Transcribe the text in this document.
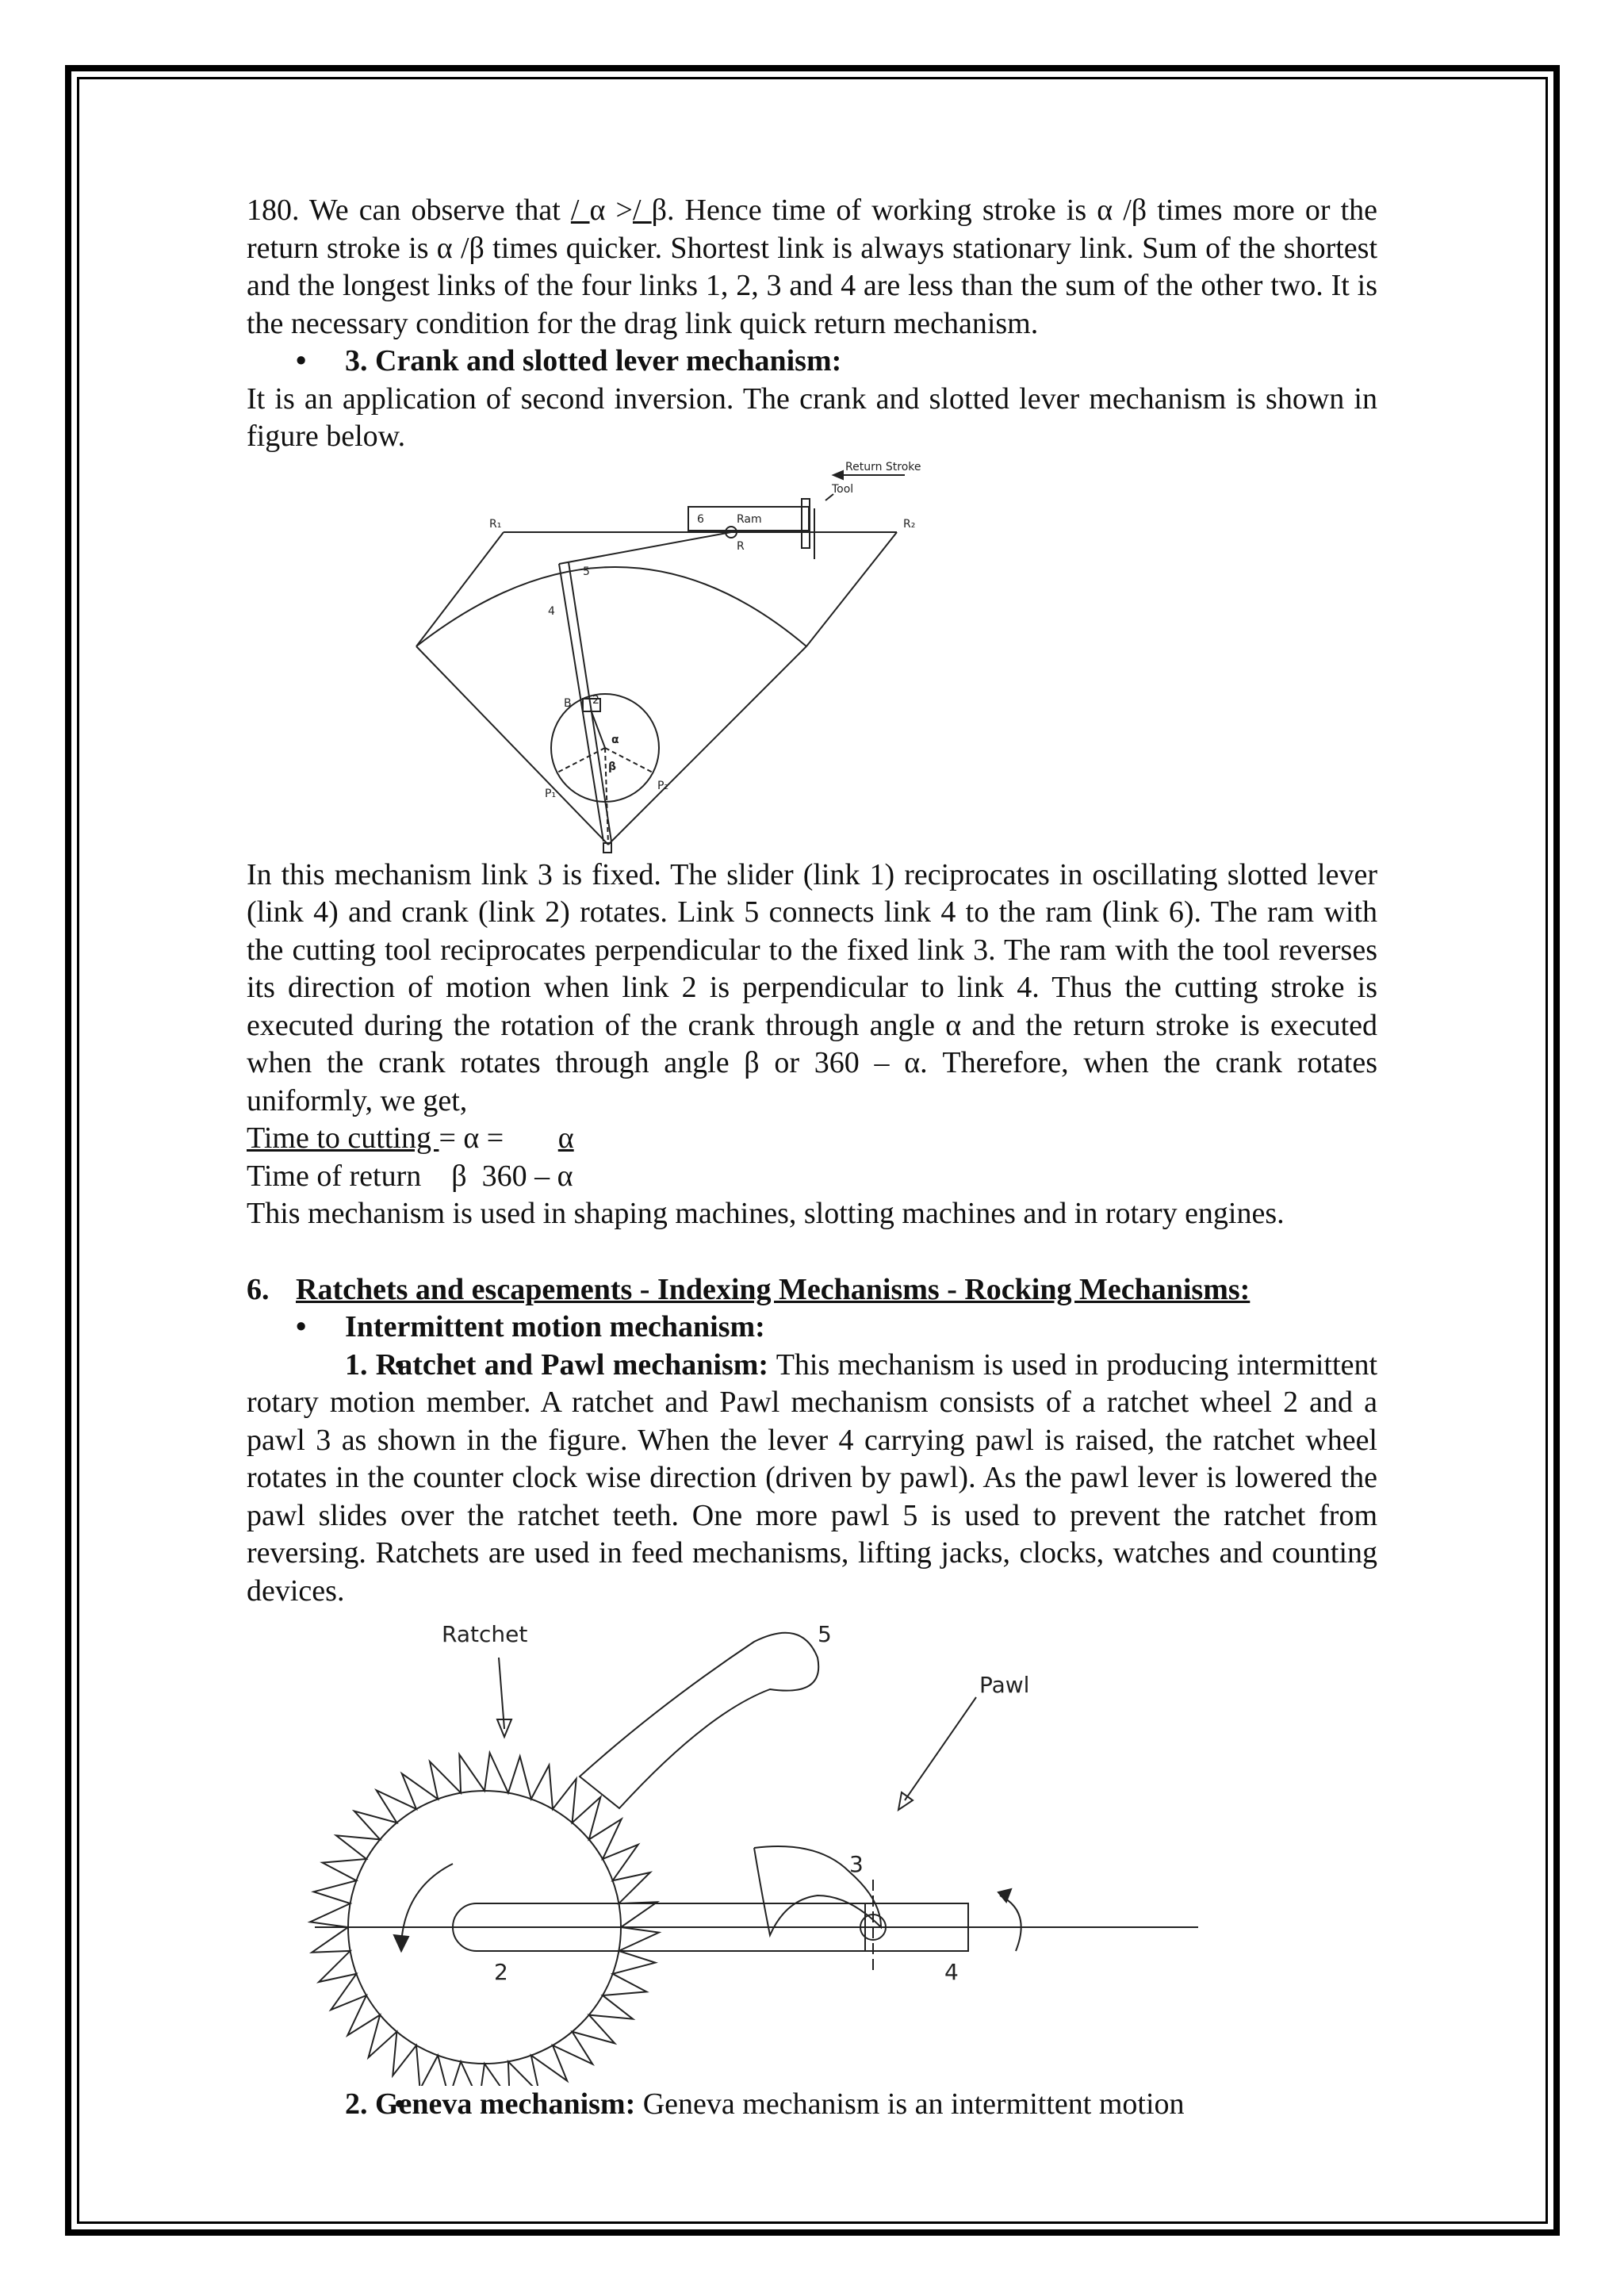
180. We can observe that / α >/ β. Hence time of working stroke is α /β times more or the return stroke is α /β times quicker. Shortest link is always stationary link. Sum of the shortest and the longest links of the four links 1, 2, 3 and 4 are less than the sum of the other two. It is the necessary condition for the drag link quick return mechanism.

• 3. Crank and slotted lever mechanism:

It is an application of second inversion. The crank and slotted lever mechanism is shown in figure below.

Return Stroke
Tool
6	Ram
R
R₁	R₂
5
4
2
B
P₁
P₂
α
β

In this mechanism link 3 is fixed. The slider (link 1) reciprocates in oscillating slotted lever (link 4) and crank (link 2) rotates. Link 5 connects link 4 to the ram (link 6). The ram with the cutting tool reciprocates perpendicular to the fixed link 3. The ram with the tool reverses its direction of motion when link 2 is perpendicular to link 4. Thus the cutting stroke is executed during the rotation of the crank through angle α and the return stroke is executed when the crank rotates through angle β or 360 – α. Therefore, when the crank rotates uniformly, we get,

Time to cutting = α = α

Time of return β 360 – α

This mechanism is used in shaping machines, slotting machines and in rotary engines.

6. Ratchets and escapements - Indexing Mechanisms - Rocking Mechanisms:

• Intermittent motion mechanism:

• 1. Ratchet and Pawl mechanism: This mechanism is used in producing intermittent rotary motion member. A ratchet and Pawl mechanism consists of a ratchet wheel 2 and a pawl 3 as shown in the figure. When the lever 4 carrying pawl is raised, the ratchet wheel rotates in the counter clock wise direction (driven by pawl). As the pawl lever is lowered the pawl slides over the ratchet teeth. One more pawl 5 is used to prevent the ratchet from reversing. Ratchets are used in feed mechanisms, lifting jacks, clocks, watches and counting devices.

Ratchet	5
Pawl
3
2	4

• 2. Geneva mechanism: Geneva mechanism is an intermittent motion
